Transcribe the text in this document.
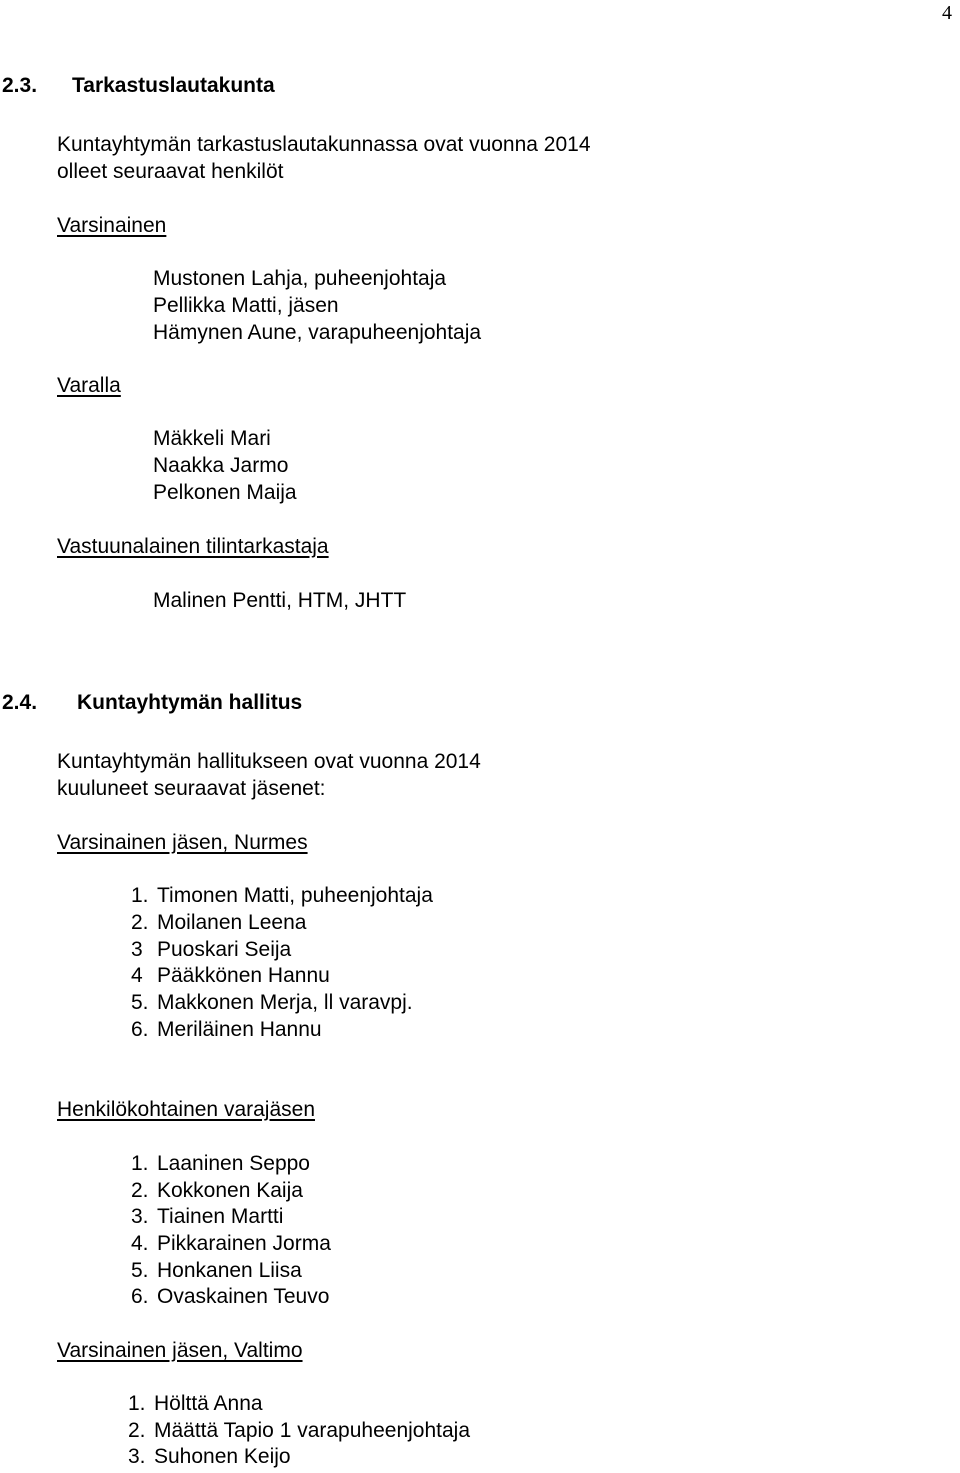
4
2.3. Tarkastuslautakunta
Kuntayhtymän tarkastuslautakunnassa ovat vuonna 2014
olleet seuraavat henkilöt
Varsinainen
Mustonen Lahja, puheenjohtaja
Pellikka Matti, jäsen
Hämynen Aune, varapuheenjohtaja
Varalla
Mäkkeli Mari
Naakka Jarmo
Pelkonen Maija
Vastuunalainen tilintarkastaja
Malinen Pentti, HTM, JHTT
2.4. Kuntayhtymän hallitus
Kuntayhtymän hallitukseen ovat vuonna 2014
kuuluneet seuraavat jäsenet:
Varsinainen jäsen, Nurmes
1. Timonen Matti, puheenjohtaja
2. Moilanen Leena
3 Puoskari Seija
4 Pääkkönen Hannu
5. Makkonen Merja, ll varavpj.
6. Meriläinen Hannu
Henkilökohtainen varajäsen
1. Laaninen Seppo
2. Kokkonen Kaija
3. Tiainen Martti
4. Pikkarainen Jorma
5. Honkanen Liisa
6. Ovaskainen Teuvo
Varsinainen jäsen, Valtimo
1. Hölttä Anna
2. Määttä Tapio 1 varapuheenjohtaja
3. Suhonen Keijo
